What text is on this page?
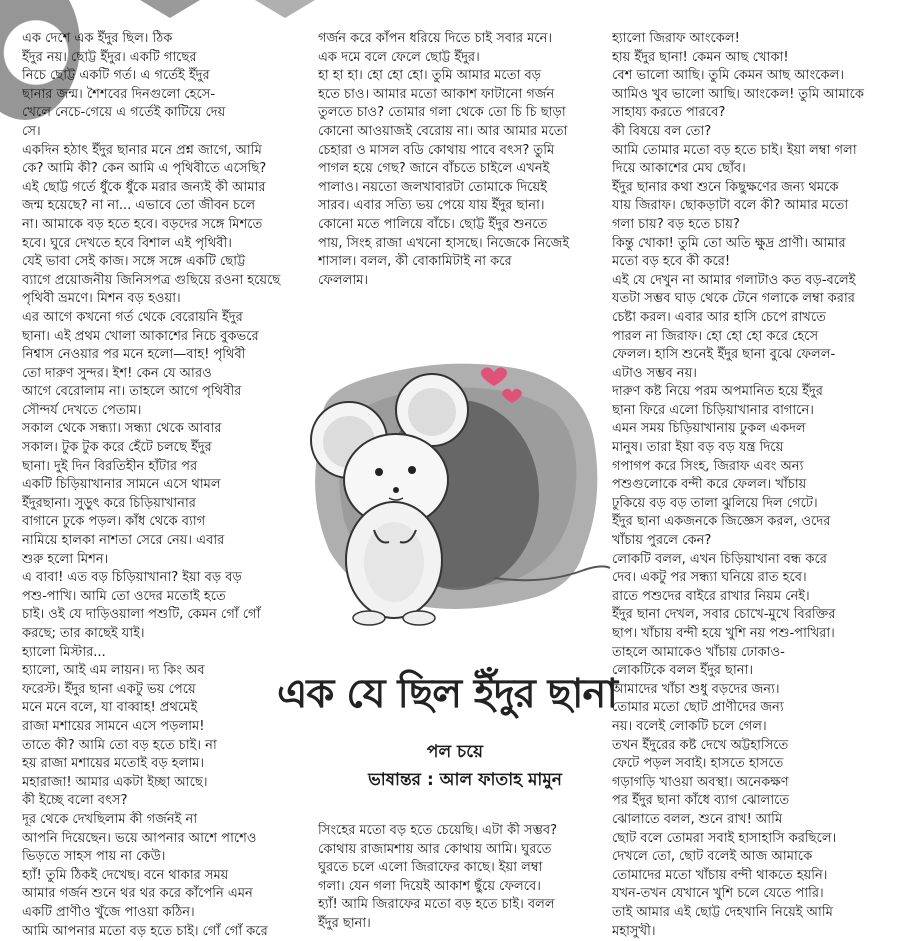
এক দেশে এক ইঁদুর ছিল। ঠিক
ইঁদুর নয়। ছোট্ট ইঁদুর। একটি গাছের
নিচে ছোট্ট একটি গর্ত। এ গর্তেই ইঁদুর
ছানার জন্ম। শৈশবের দিনগুলো হেসে-
খেলে নেচে-গেয়ে এ গর্তেই কাটিয়ে দেয়
সে।
একদিন হঠাৎ ইঁদুর ছানার মনে প্রশ্ন জাগে, আমি
কে? আমি কী? কেন আমি এ পৃথিবীতে এসেছি?
এই ছোট্ট গর্তে ধুঁকে ধুঁকে মরার জন্যই কী আমার
জন্ম হয়েছে? না না... এভাবে তো জীবন চলে
না। আমাকে বড় হতে হবে। বড়দের সঙ্গে মিশতে
হবে। ঘুরে দেখতে হবে বিশাল এই পৃথিবী।
যেই ভাবা সেই কাজ। সঙ্গে সঙ্গে একটি ছোট্ট
ব্যাগে প্রয়োজনীয় জিনিসপত্র গুছিয়ে রওনা হয়েছে
পৃথিবী ভ্রমণে। মিশন বড় হওয়া।
এর আগে কখনো গর্ত থেকে বেরোয়নি ইঁদুর
ছানা। এই প্রথম খোলা আকাশের নিচে বুকভরে
নিশ্বাস নেওয়ার পর মনে হলো—বাহ! পৃথিবী
তো দারুণ সুন্দর। ইশ! কেন যে আরও
আগে বেরোলাম না। তাহলে আগে পৃথিবীর
সৌন্দর্য দেখতে পেতাম।
সকাল থেকে সন্ধ্যা। সন্ধ্যা থেকে আবার
সকাল। টুক টুক করে হেঁটে চলছে ইঁদুর
ছানা। দুই দিন বিরতিহীন হাঁটার পর
একটি চিড়িয়াখানার সামনে এসে থামল
ইঁদুরছানা। সুড়ুৎ করে চিড়িয়াখানার
বাগানে ঢুকে পড়ল। কাঁধ থেকে ব্যাগ
নামিয়ে হালকা নাশতা সেরে নেয়। এবার
শুরু হলো মিশন।
এ বাবা! এত বড় চিড়িয়াখানা? ইয়া বড় বড়
পশু-পাখি। আমি তো ওদের মতোই হতে
চাই। ওই যে দাড়িওয়ালা পশুটি, কেমন গোঁ গোঁ
করছে; তার কাছেই যাই।
হ্যালো মিস্টার...
হ্যালো, আই এম লায়ন। দ্য কিং অব
ফরেস্ট। ইঁদুর ছানা একটু ভয় পেয়ে
মনে মনে বলে, যা বাব্বাহ! প্রথমেই
রাজা মশায়ের সামনে এসে পড়লাম!
তাতে কী? আমি তো বড় হতে চাই। না
হয় রাজা মশায়ের মতোই বড় হলাম।
মহারাজা! আমার একটা ইচ্ছা আছে।
কী ইচ্ছে বলো বৎস?
দূর থেকে দেখছিলাম কী গর্জনই না
আপনি দিয়েছেন। ভয়ে আপনার আশে পাশেও
ভিড়তে সাহস পায় না কেউ।
হ্যাঁ! তুমি ঠিকই দেখেছ। বনে থাকার সময়
আমার গর্জন শুনে থর থর করে কাঁপেনি এমন
একটি প্রাণীও খুঁজে পাওয়া কঠিন।
আমি আপনার মতো বড় হতে চাই। গোঁ গোঁ করে
গর্জন করে কাঁপন ধরিয়ে দিতে চাই সবার মনে।
এক দমে বলে ফেলে ছোট্ট ইঁদুর।
হা হা হা। হো হো হো। তুমি আমার মতো বড়
হতে চাও। আমার মতো আকাশ ফাটানো গর্জন
তুলতে চাও? তোমার গলা থেকে তো চি চি ছাড়া
কোনো আওয়াজই বেরোয় না। আর আমার মতো
চেহারা ও মাসল বডি কোথায় পাবে বৎস? তুমি
পাগল হয়ে গেছ? জানে বাঁচতে চাইলে এখনই
পালাও। নয়তো জলখাবারটা তোমাকে দিয়েই
সারব। এবার সত্যি ভয় পেয়ে যায় ইঁদুর ছানা।
কোনো মতে পালিয়ে বাঁচে। ছোট্ট ইঁদুর শুনতে
পায়, সিংহ রাজা এখনো হাসছে। নিজেকে নিজেই
শাসাল। বলল, কী বোকামিটাই না করে
ফেললাম।
সিংহের মতো বড় হতে চেয়েছি। এটা কী সম্ভব?
কোথায় রাজামশায় আর কোথায় আমি। ঘুরতে
ঘুরতে চলে এলো জিরাফের কাছে। ইয়া লম্বা
গলা। যেন গলা দিয়েই আকাশ ছুঁয়ে ফেলবে।
হ্যাঁ! আমি জিরাফের মতো বড় হতে চাই। বলল
ইঁদুর ছানা।
হ্যালো জিরাফ আংকেল!
হায় ইঁদুর ছানা! কেমন আছ খোকা!
বেশ ভালো আছি। তুমি কেমন আছ আংকেল।
আমিও খুব ভালো আছি। আংকেল! তুমি আমাকে
সাহায্য করতে পারবে?
কী বিষয়ে বল তো?
আমি তোমার মতো বড় হতে চাই। ইয়া লম্বা গলা
দিয়ে আকাশের মেঘ ছোঁব।
ইঁদুর ছানার কথা শুনে কিছুক্ষণের জন্য থমকে
যায় জিরাফ। ছোকড়াটা বলে কী? আমার মতো
গলা চায়? বড় হতে চায়?
কিন্তু খোকা! তুমি তো অতি ক্ষুদ্র প্রাণী। আমার
মতো বড় হবে কী করে!
এই যে দেখুন না আমার গলাটাও কত বড়-বলেই
যতটা সম্ভব ঘাড় থেকে টেনে গলাকে লম্বা করার
চেষ্টা করল। এবার আর হাসি চেপে রাখতে
পারল না জিরাফ। হো হো হো করে হেসে
ফেলল। হাসি শুনেই ইঁদুর ছানা বুঝে ফেলল-
এটাও সম্ভব নয়।
দারুণ কষ্ট নিয়ে পরম অপমানিত হয়ে ইঁদুর
ছানা ফিরে এলো চিড়িয়াখানার বাগানে।
এমন সময় চিড়িয়াখানায় ঢুকল একদল
মানুষ। তারা ইয়া বড় বড় যন্ত্র দিয়ে
গপাগপ করে সিংহ, জিরাফ এবং অন্য
পশুগুলোকে বন্দী করে ফেলল। খাঁচায়
ঢুকিয়ে বড় বড় তালা ঝুলিয়ে দিল গেটে।
ইঁদুর ছানা একজনকে জিজ্ঞেস করল, ওদের
খাঁচায় পুরলে কেন?
লোকটি বলল, এখন চিড়িয়াখানা বন্ধ করে
দেব। একটু পর সন্ধ্যা ঘনিয়ে রাত হবে।
রাতে পশুদের বাইরে রাখার নিয়ম নেই।
ইঁদুর ছানা দেখল, সবার চোখে-মুখে বিরক্তির
ছাপ। খাঁচায় বন্দী হয়ে খুশি নয় পশু-পাখিরা।
তাহলে আমাকেও খাঁচায় ঢোকাও-
লোকটিকে বলল ইঁদুর ছানা।
আমাদের খাঁচা শুধু বড়দের জন্য।
তোমার মতো ছোট প্রাণীদের জন্য
নয়। বলেই লোকটি চলে গেল।
তখন ইঁদুরের কষ্ট দেখে অট্টহাসিতে
ফেটে পড়ল সবাই। হাসতে হাসতে
গড়াগড়ি খাওয়া অবস্থা। অনেকক্ষণ
পর ইঁদুর ছানা কাঁধে ব্যাগ ঝোলাতে
ঝোলাতে বলল, শুনে রাখ! আমি
ছোট বলে তোমরা সবাই হাসাহাসি করছিলে।
দেখলে তো, ছোট বলেই আজ আমাকে
তোমাদের মতো খাঁচায় বন্দী থাকতে হয়নি।
যখন-তখন যেখানে খুশি চলে যেতে পারি।
তাই আমার এই ছোট্ট দেহখানি নিয়েই আমি
মহাসুখী।
এক যে ছিল ইঁদুর ছানা
পল চয়ে
ভাষান্তর : আল ফাতাহ মামুন
